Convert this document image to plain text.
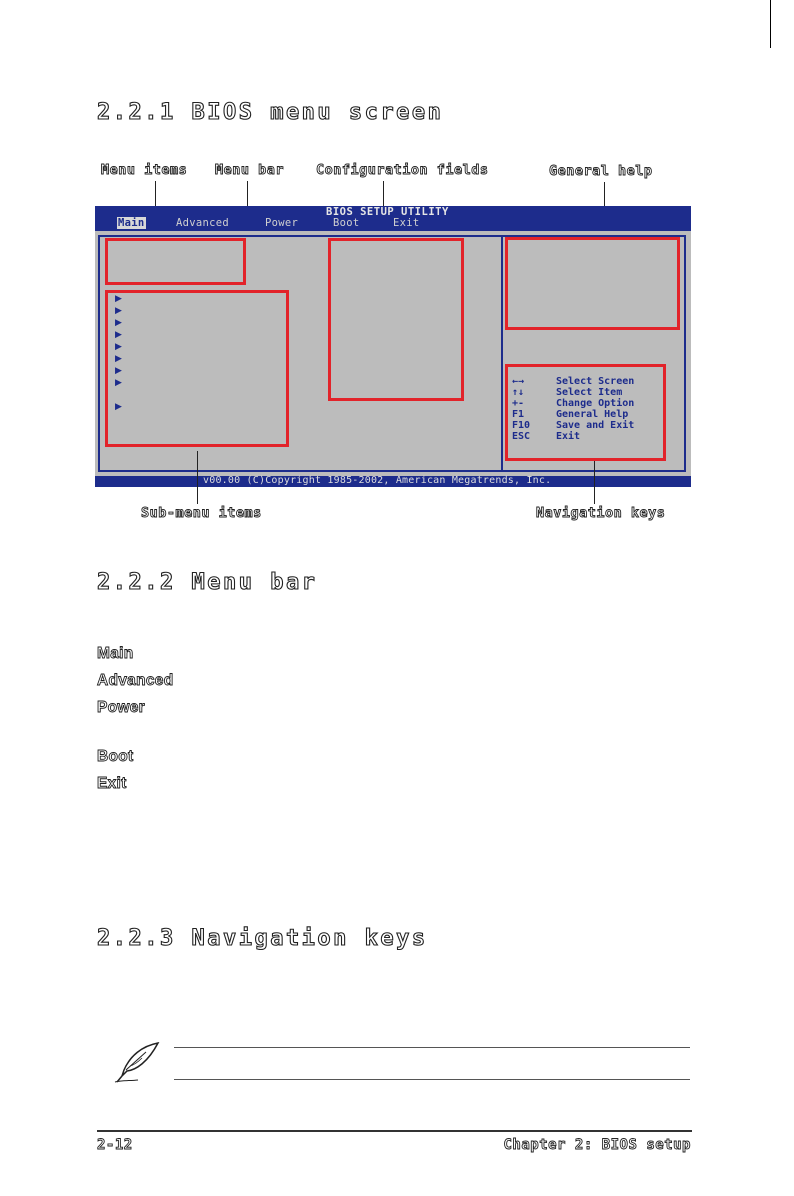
2.2.1 BIOS menu screen
Menu items Menu bar Configuration fields	General help
BIOS SETUP UTILITY
Main	Advanced	Power	Boot	Exit
▶
▶
▶
▶
▶
▶
▶
▶
▶
←→	Select Screen
↑↓	Select Item
+-	Change Option
F1	General Help
F10	Save and Exit
ESC	Exit
v00.00 (C)Copyright 1985-2002, American Megatrends, Inc.
Sub-menu items	Navigation keys
2.2.2 Menu bar
Main
Advanced
Power
Boot
Exit
2.2.3 Navigation keys
2-12	Chapter 2: BIOS setup
